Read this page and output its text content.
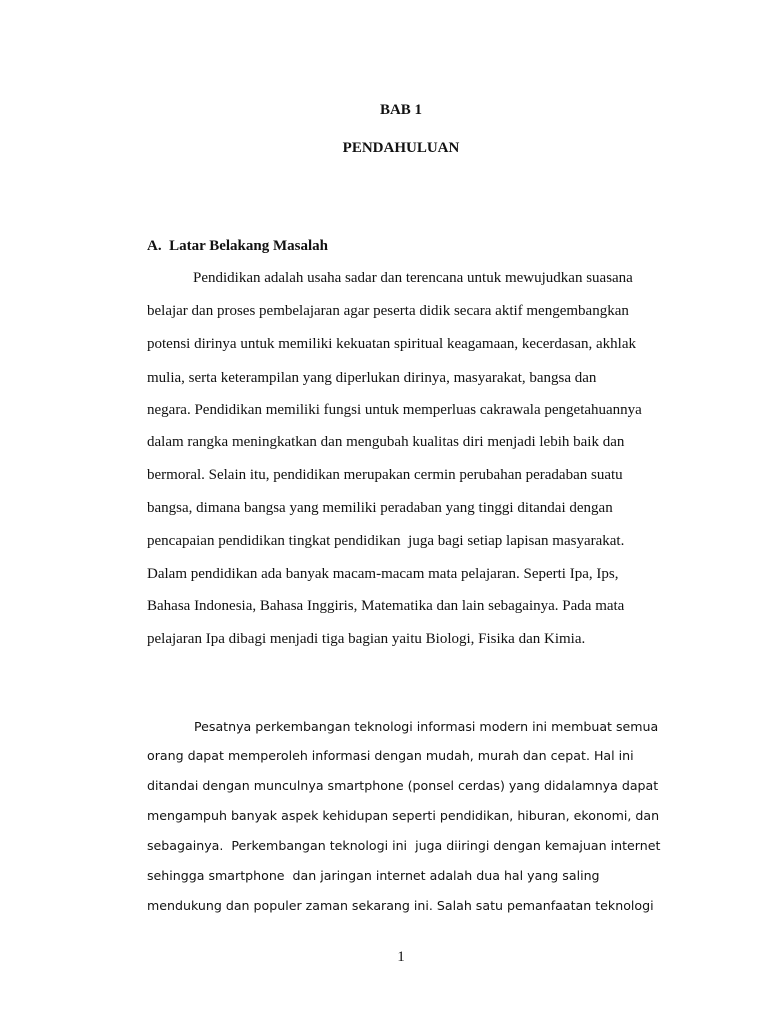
BAB 1
PENDAHULUAN
A.  Latar Belakang Masalah
Pendidikan adalah usaha sadar dan terencana untuk mewujudkan suasana
belajar dan proses pembelajaran agar peserta didik secara aktif mengembangkan
potensi dirinya untuk memiliki kekuatan spiritual keagamaan, kecerdasan, akhlak
mulia, serta keterampilan yang diperlukan dirinya, masyarakat, bangsa dan
negara. Pendidikan memiliki fungsi untuk memperluas cakrawala pengetahuannya
dalam rangka meningkatkan dan mengubah kualitas diri menjadi lebih baik dan
bermoral. Selain itu, pendidikan merupakan cermin perubahan peradaban suatu
bangsa, dimana bangsa yang memiliki peradaban yang tinggi ditandai dengan
pencapaian pendidikan tingkat pendidikan  juga bagi setiap lapisan masyarakat.
Dalam pendidikan ada banyak macam-macam mata pelajaran. Seperti Ipa, Ips,
Bahasa Indonesia, Bahasa Inggiris, Matematika dan lain sebagainya. Pada mata
pelajaran Ipa dibagi menjadi tiga bagian yaitu Biologi, Fisika dan Kimia.
Pesatnya perkembangan teknologi informasi modern ini membuat semua
orang dapat memperoleh informasi dengan mudah, murah dan cepat. Hal ini
ditandai dengan munculnya smartphone (ponsel cerdas) yang didalamnya dapat
mengampuh banyak aspek kehidupan seperti pendidikan, hiburan, ekonomi, dan
sebagainya.  Perkembangan teknologi ini  juga diiringi dengan kemajuan internet
sehingga smartphone  dan jaringan internet adalah dua hal yang saling
mendukung dan populer zaman sekarang ini. Salah satu pemanfaatan teknologi
1
